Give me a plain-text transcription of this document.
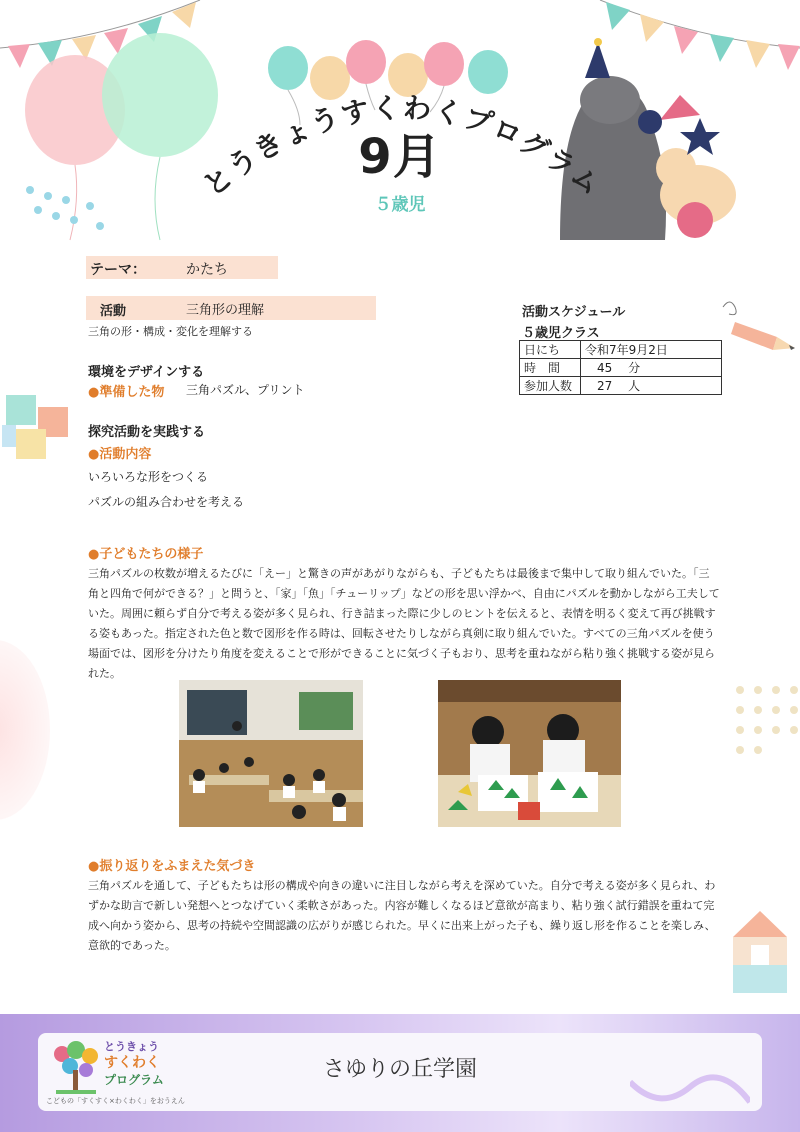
とうきょうすくわくプログラム
9月
５歳児
テーマ：	かたち
活動	三角形の理解
三角の形・構成・変化を理解する
環境をデザインする
●準備した物 三角パズル、プリント
探究活動を実践する
●活動内容
いろいろな形をつくる
パズルの組み合わせを考える
活動スケジュール
５歳児クラス
日にち	令和7年9月2日
時　間	　45　 分
参加人数	　27　 人
●子どもたちの様子
三角パズルの枚数が増えるたびに「えー」と驚きの声があがりながらも、子どもたちは最後まで集中して取り組んでいた。「三角と四角で何ができる？」と問うと、「家」「魚」「チューリップ」などの形を思い浮かべ、自由にパズルを動かしながら工夫していた。周囲に頼らず自分で考える姿が多く見られ、行き詰まった際に少しのヒントを伝えると、表情を明るく変えて再び挑戦する姿もあった。指定された色と数で図形を作る時は、回転させたりしながら真剣に取り組んでいた。すべての三角パズルを使う場面では、図形を分けたり角度を変えることで形ができることに気づく子もおり、思考を重ねながら粘り強く挑戦する姿が見られた。
●振り返りをふまえた気づき
三角パズルを通して、子どもたちは形の構成や向きの違いに注目しながら考えを深めていた。自分で考える姿が多く見られ、わずかな助言で新しい発想へとつなげていく柔軟さがあった。内容が難しくなるほど意欲が高まり、粘り強く試行錯誤を重ねて完成へ向かう姿から、思考の持続や空間認識の広がりが感じられた。早くに出来上がった子も、繰り返し形を作ることを楽しみ、意欲的であった。
とうきょう
すくわく
プログラム
こどもの「すくすく×わくわく」をおうえん
さゆりの丘学園
